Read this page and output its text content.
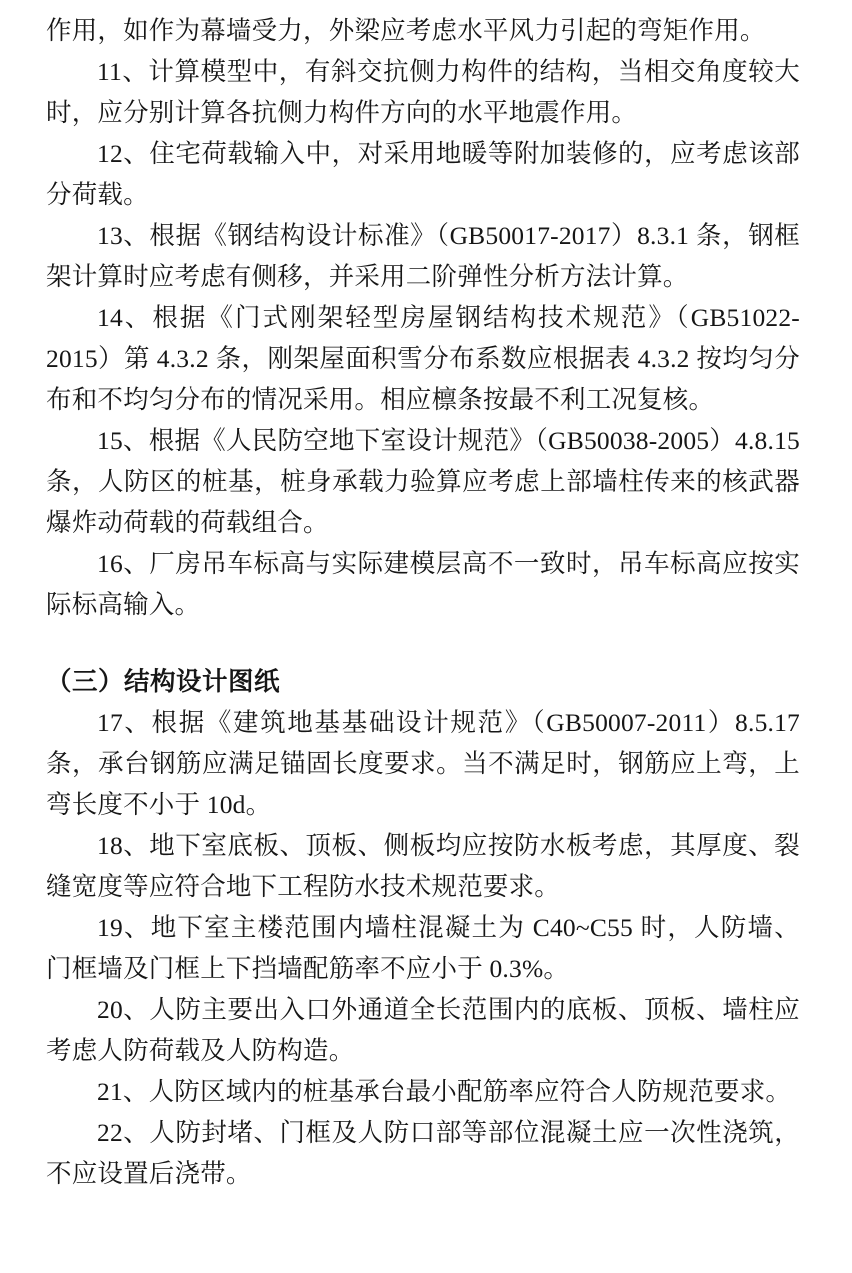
作用，如作为幕墙受力，外梁应考虑水平风力引起的弯矩作用。

11、计算模型中，有斜交抗侧力构件的结构，当相交角度较大时，应分别计算各抗侧力构件方向的水平地震作用。

12、住宅荷载输入中，对采用地暖等附加装修的，应考虑该部分荷载。

13、根据《钢结构设计标准》（GB50017-2017）8.3.1 条，钢框架计算时应考虑有侧移，并采用二阶弹性分析方法计算。

14、根据《门式刚架轻型房屋钢结构技术规范》（GB51022-2015）第 4.3.2 条，刚架屋面积雪分布系数应根据表 4.3.2 按均匀分布和不均匀分布的情况采用。相应檩条按最不利工况复核。

15、根据《人民防空地下室设计规范》（GB50038-2005）4.8.15 条，人防区的桩基，桩身承载力验算应考虑上部墙柱传来的核武器爆炸动荷载的荷载组合。

16、厂房吊车标高与实际建模层高不一致时，吊车标高应按实际标高输入。

（三）结构设计图纸

17、根据《建筑地基基础设计规范》（GB50007-2011）8.5.17 条，承台钢筋应满足锚固长度要求。当不满足时，钢筋应上弯，上弯长度不小于 10d。

18、地下室底板、顶板、侧板均应按防水板考虑，其厚度、裂缝宽度等应符合地下工程防水技术规范要求。

19、地下室主楼范围内墙柱混凝土为 C40~C55 时，人防墙、门框墙及门框上下挡墙配筋率不应小于 0.3%。

20、人防主要出入口外通道全长范围内的底板、顶板、墙柱应考虑人防荷载及人防构造。

21、人防区域内的桩基承台最小配筋率应符合人防规范要求。

22、人防封堵、门框及人防口部等部位混凝土应一次性浇筑，不应设置后浇带。
